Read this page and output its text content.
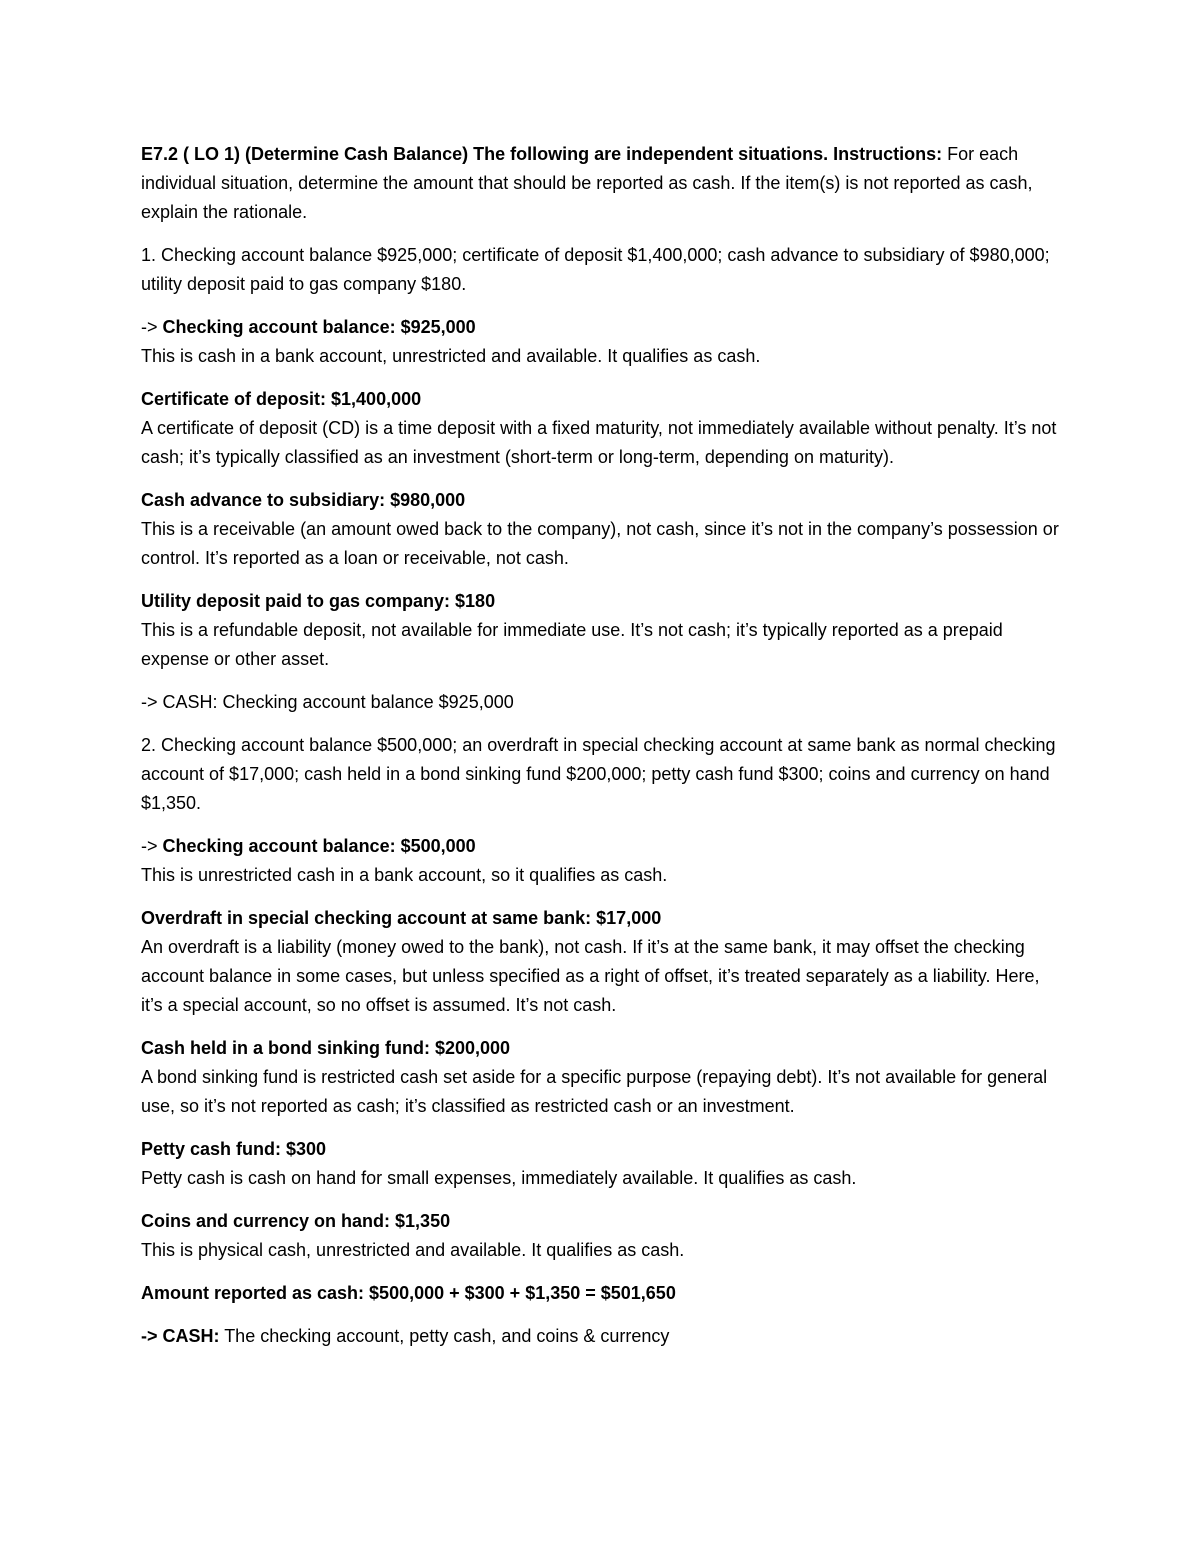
E7.2 ( LO 1) (Determine Cash Balance) The following are independent situations. Instructions: For each individual situation, determine the amount that should be reported as cash. If the item(s) is not reported as cash, explain the rationale.

1. Checking account balance $925,000; certificate of deposit $1,400,000; cash advance to subsidiary of $980,000; utility deposit paid to gas company $180.

-> Checking account balance: $925,000

This is cash in a bank account, unrestricted and available. It qualifies as cash.

Certificate of deposit: $1,400,000

A certificate of deposit (CD) is a time deposit with a fixed maturity, not immediately available without penalty. It’s not cash; it’s typically classified as an investment (short-term or long-term, depending on maturity).

Cash advance to subsidiary: $980,000

This is a receivable (an amount owed back to the company), not cash, since it’s not in the company’s possession or control. It’s reported as a loan or receivable, not cash.

Utility deposit paid to gas company: $180

This is a refundable deposit, not available for immediate use. It’s not cash; it’s typically reported as a prepaid expense or other asset.

-> CASH: Checking account balance $925,000

2. Checking account balance $500,000; an overdraft in special checking account at same bank as normal checking account of $17,000; cash held in a bond sinking fund $200,000; petty cash fund $300; coins and currency on hand $1,350.

-> Checking account balance: $500,000

This is unrestricted cash in a bank account, so it qualifies as cash.

Overdraft in special checking account at same bank: $17,000

An overdraft is a liability (money owed to the bank), not cash. If it’s at the same bank, it may offset the checking account balance in some cases, but unless specified as a right of offset, it’s treated separately as a liability. Here, it’s a special account, so no offset is assumed. It’s not cash.

Cash held in a bond sinking fund: $200,000

A bond sinking fund is restricted cash set aside for a specific purpose (repaying debt). It’s not available for general use, so it’s not reported as cash; it’s classified as restricted cash or an investment.

Petty cash fund: $300

Petty cash is cash on hand for small expenses, immediately available. It qualifies as cash.

Coins and currency on hand: $1,350

This is physical cash, unrestricted and available. It qualifies as cash.

Amount reported as cash: $500,000 + $300 + $1,350 = $501,650

-> CASH: The checking account, petty cash, and coins & currency
